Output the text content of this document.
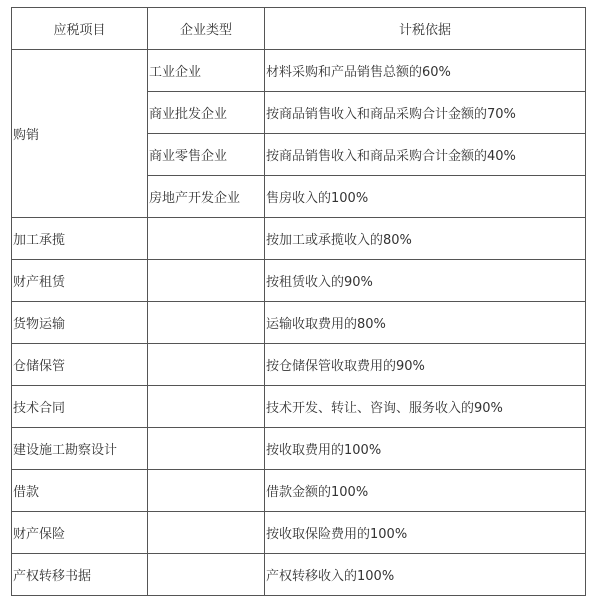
应税项目	企业类型	计税依据
购销	工业企业	材料采购和产品销售总额的60%
	商业批发企业	按商品销售收入和商品采购合计金额的70%
	商业零售企业	按商品销售收入和商品采购合计金额的40%
	房地产开发企业	售房收入的100%
加工承揽		按加工或承揽收入的80%
财产租赁		按租赁收入的90%
货物运输		运输收取费用的80%
仓储保管		按仓储保管收取费用的90%
技术合同		技术开发、转让、咨询、服务收入的90%
建设施工勘察设计		按收取费用的100%
借款		借款金额的100%
财产保险		按收取保险费用的100%
产权转移书据		产权转移收入的100%
